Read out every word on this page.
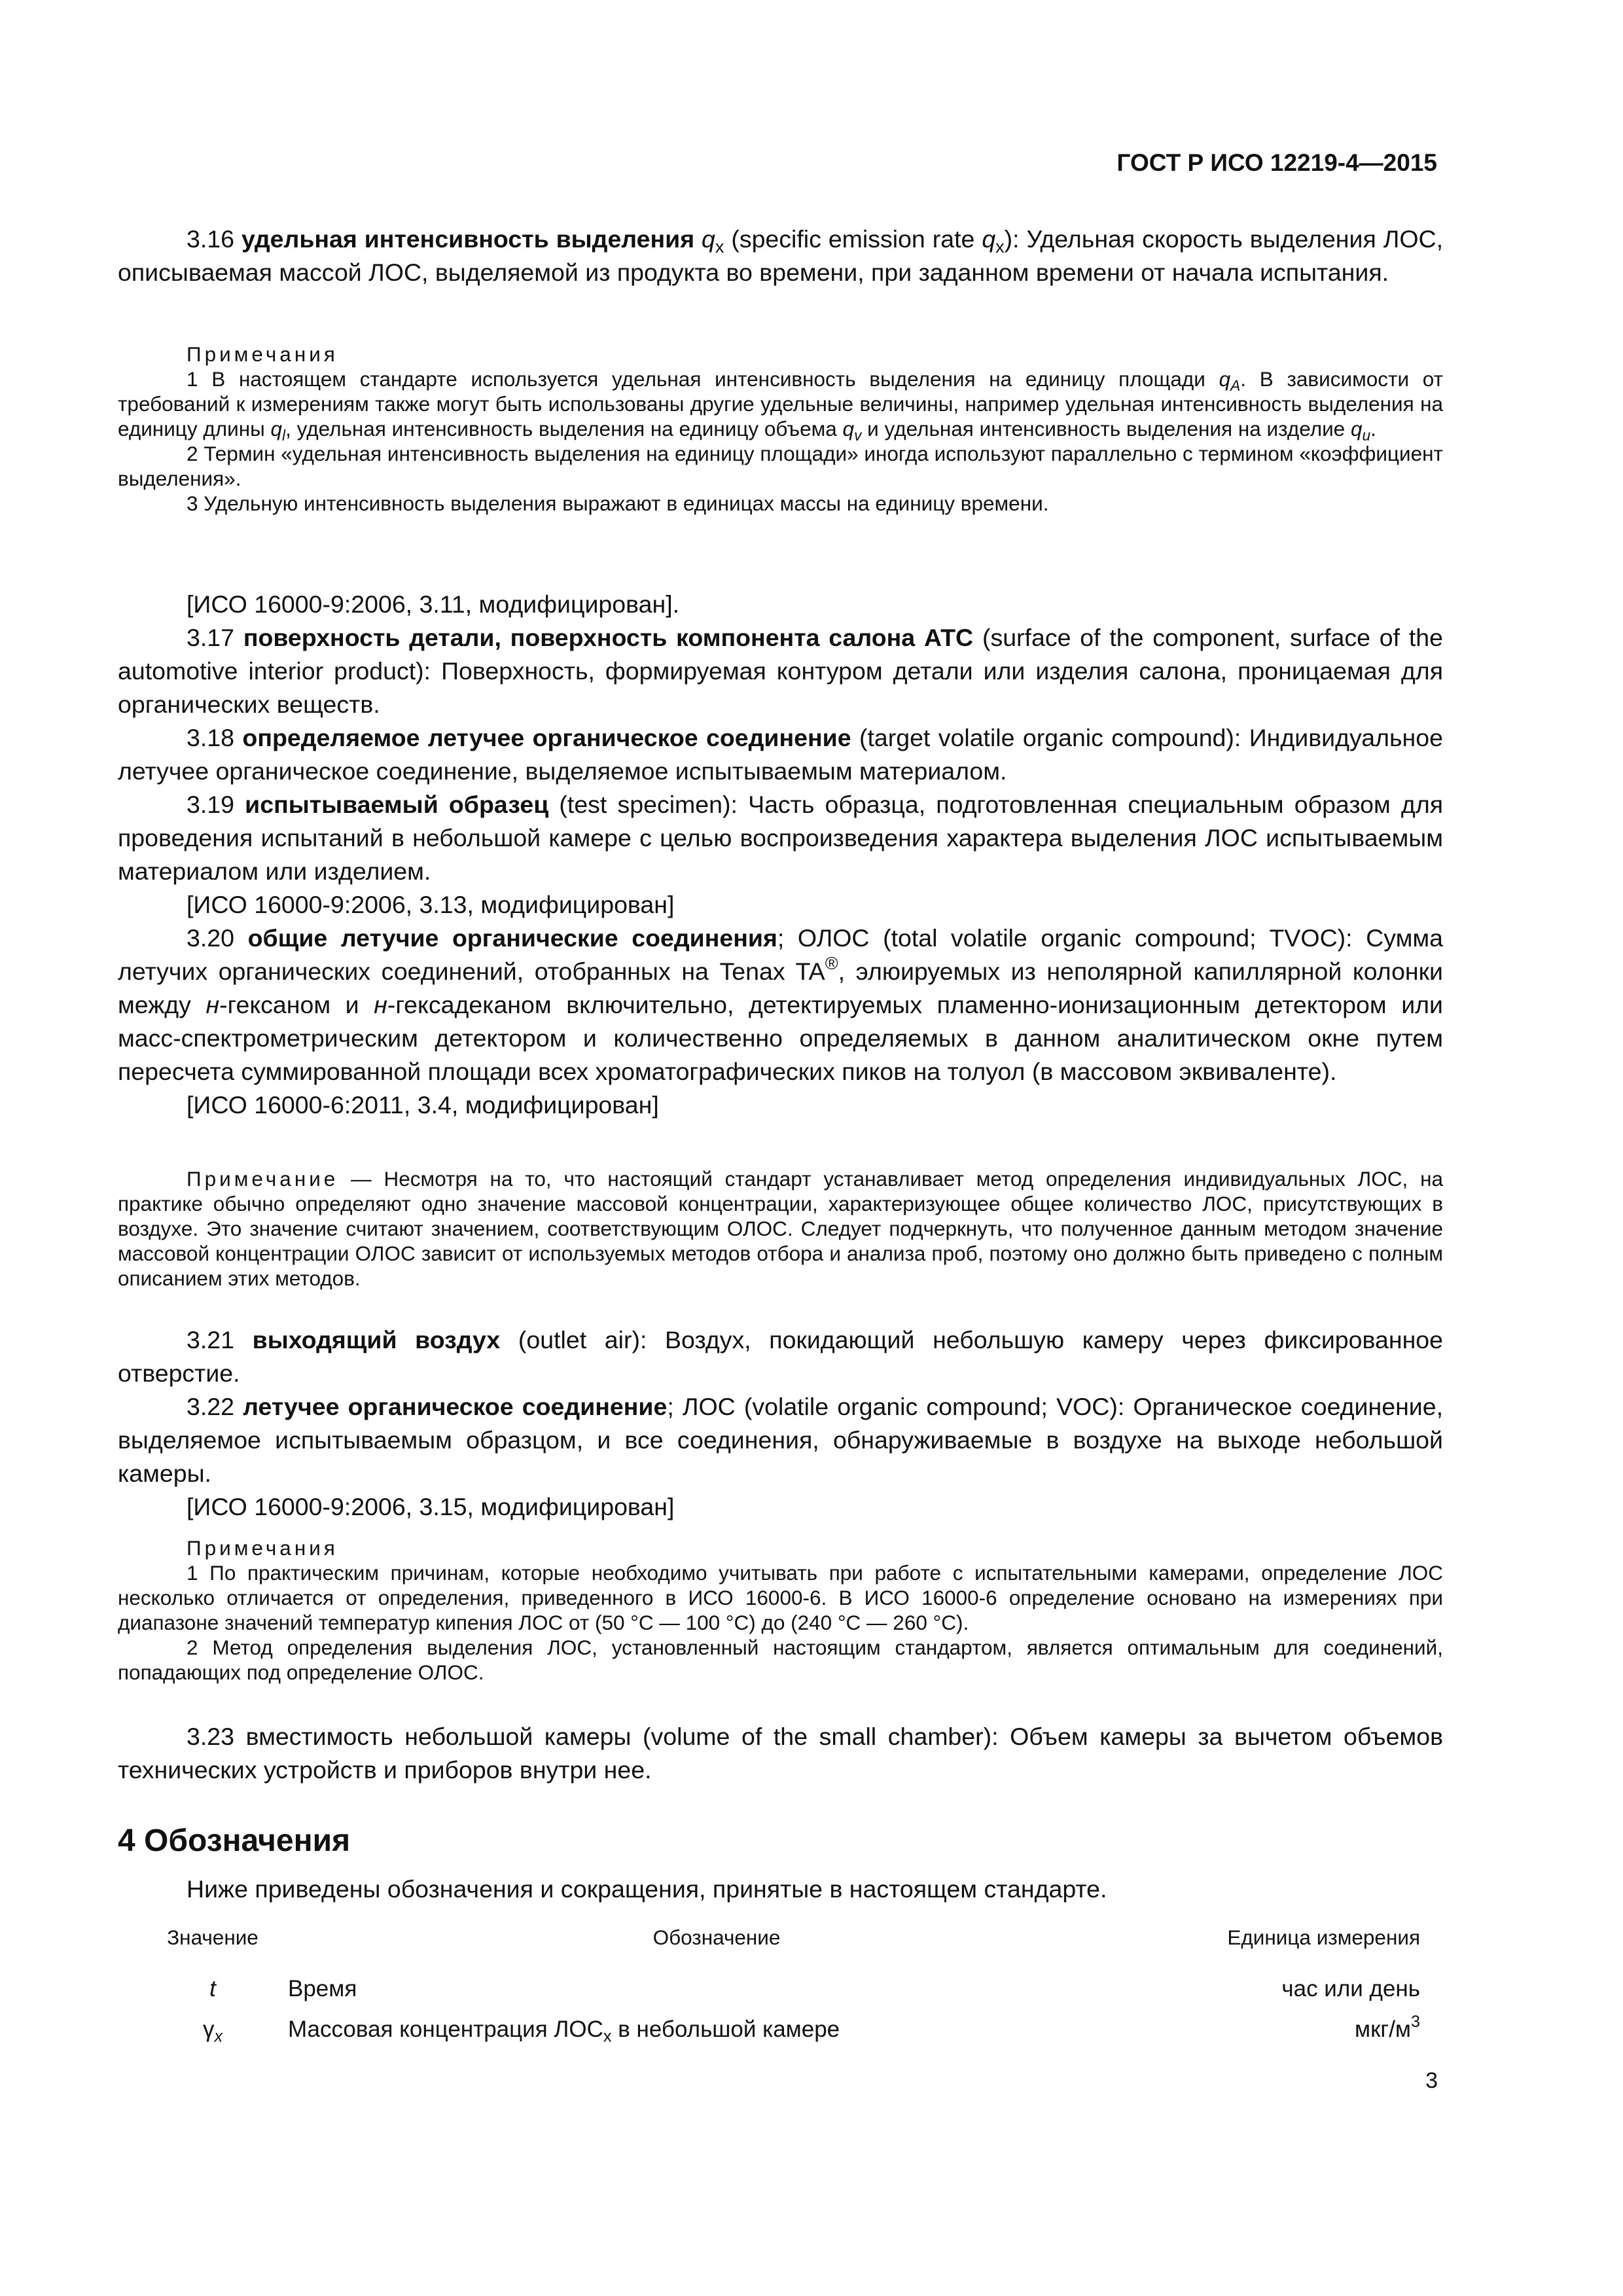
ГОСТ Р ИСО 12219-4—2015

3.16 удельная интенсивность выделения $q_x$ (specific emission rate $q_x$): Удельная скорость выделения ЛОС, описываемая массой ЛОС, выделяемой из продукта во времени, при заданном времени от начала испытания.

Примечания

1 В настоящем стандарте используется удельная интенсивность выделения на единицу площади $q_A$. В зависимости от требований к измерениям также могут быть использованы другие удельные величины, например удельная интенсивность выделения на единицу длины $q_l$, удельная интенсивность выделения на единицу объема $q_v$ и удельная интенсивность выделения на изделие $q_u$.

2 Термин «удельная интенсивность выделения на единицу площади» иногда используют параллельно с термином «коэффициент выделения».

3 Удельную интенсивность выделения выражают в единицах массы на единицу времени.

[ИСО 16000-9:2006, 3.11, модифицирован].

3.17 поверхность детали, поверхность компонента салона АТС (surface of the component, surface of the automotive interior product): Поверхность, формируемая контуром детали или изделия салона, проницаемая для органических веществ.

3.18 определяемое летучее органическое соединение (target volatile organic compound): Индивидуальное летучее органическое соединение, выделяемое испытываемым материалом.

3.19 испытываемый образец (test specimen): Часть образца, подготовленная специальным образом для проведения испытаний в небольшой камере с целью воспроизведения характера выделения ЛОС испытываемым материалом или изделием.

[ИСО 16000-9:2006, 3.13, модифицирован]

3.20 общие летучие органические соединения; ОЛОС (total volatile organic compound; TVOC): Сумма летучих органических соединений, отобранных на Tenax TA®, элюируемых из неполярной капиллярной колонки между н-гексаном и н-гексадеканом включительно, детектируемых пламенно-ионизационным детектором или масс-спектрометрическим детектором и количественно определяемых в данном аналитическом окне путем пересчета суммированной площади всех хроматографических пиков на толуол (в массовом эквиваленте).

[ИСО 16000-6:2011, 3.4, модифицирован]

Примечание — Несмотря на то, что настоящий стандарт устанавливает метод определения индивидуальных ЛОС, на практике обычно определяют одно значение массовой концентрации, характеризующее общее количество ЛОС, присутствующих в воздухе. Это значение считают значением, соответствующим ОЛОС. Следует подчеркнуть, что полученное данным методом значение массовой концентрации ОЛОС зависит от используемых методов отбора и анализа проб, поэтому оно должно быть приведено с полным описанием этих методов.

3.21 выходящий воздух (outlet air): Воздух, покидающий небольшую камеру через фиксированное отверстие.

3.22 летучее органическое соединение; ЛОС (volatile organic compound; VOC): Органическое соединение, выделяемое испытываемым образцом, и все соединения, обнаруживаемые в воздухе на выходе небольшой камеры.

[ИСО 16000-9:2006, 3.15, модифицирован]

Примечания

1 По практическим причинам, которые необходимо учитывать при работе с испытательными камерами, определение ЛОС несколько отличается от определения, приведенного в ИСО 16000-6. В ИСО 16000-6 определение основано на измерениях при диапазоне значений температур кипения ЛОС от (50 °С — 100 °С) до (240 °С — 260 °С).

2 Метод определения выделения ЛОС, установленный настоящим стандартом, является оптимальным для соединений, попадающих под определение ОЛОС.

3.23 вместимость небольшой камеры (volume of the small chamber): Объем камеры за вычетом объемов технических устройств и приборов внутри нее.

4 Обозначения

Ниже приведены обозначения и сокращения, принятые в настоящем стандарте.

Значение	Обозначение	Единица измерения
t	Время	час или день
$\gamma_x$	Массовая концентрация $ЛОС_x$ в небольшой камере	мкг/$м^3$
3
